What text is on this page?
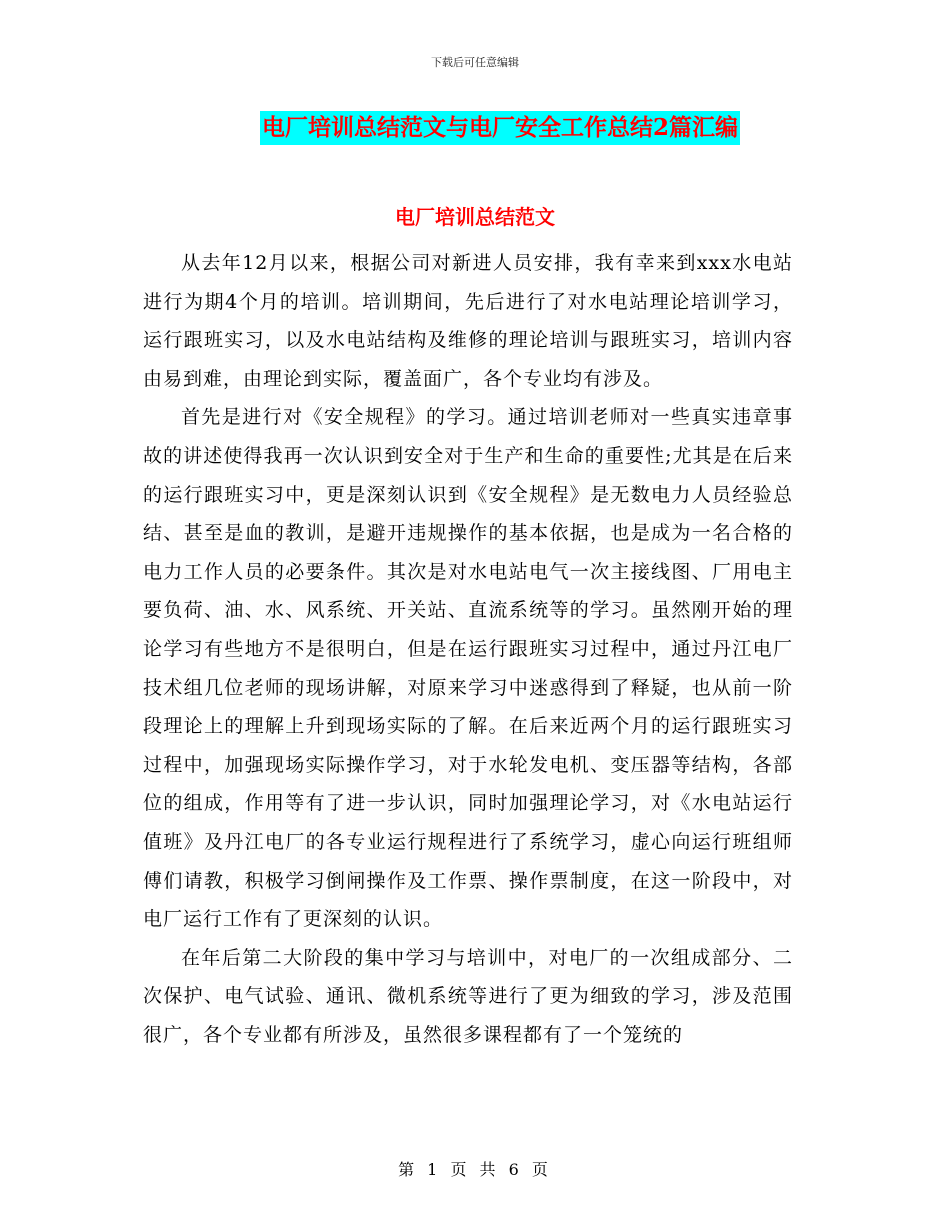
下载后可任意编辑
电厂培训总结范文与电厂安全工作总结2篇汇编
电厂培训总结范文

从去年12月以来，根据公司对新进人员安排，我有幸来到xxx水电站进行为期4个月的培训。培训期间，先后进行了对水电站理论培训学习，运行跟班实习，以及水电站结构及维修的理论培训与跟班实习，培训内容由易到难，由理论到实际，覆盖面广，各个专业均有涉及。

首先是进行对《安全规程》的学习。通过培训老师对一些真实违章事故的讲述使得我再一次认识到安全对于生产和生命的重要性;尤其是在后来的运行跟班实习中，更是深刻认识到《安全规程》是无数电力人员经验总结、甚至是血的教训，是避开违规操作的基本依据，也是成为一名合格的电力工作人员的必要条件。其次是对水电站电气一次主接线图、厂用电主要负荷、油、水、风系统、开关站、直流系统等的学习。虽然刚开始的理论学习有些地方不是很明白，但是在运行跟班实习过程中，通过丹江电厂技术组几位老师的现场讲解，对原来学习中迷惑得到了释疑，也从前一阶段理论上的理解上升到现场实际的了解。在后来近两个月的运行跟班实习过程中，加强现场实际操作学习，对于水轮发电机、变压器等结构，各部位的组成，作用等有了进一步认识，同时加强理论学习，对《水电站运行值班》及丹江电厂的各专业运行规程进行了系统学习，虚心向运行班组师傅们请教，积极学习倒闸操作及工作票、操作票制度，在这一阶段中，对电厂运行工作有了更深刻的认识。

在年后第二大阶段的集中学习与培训中，对电厂的一次组成部分、二次保护、电气试验、通讯、微机系统等进行了更为细致的学习，涉及范围很广，各个专业都有所涉及，虽然很多课程都有了一个笼统的

第 1 页 共 6 页
